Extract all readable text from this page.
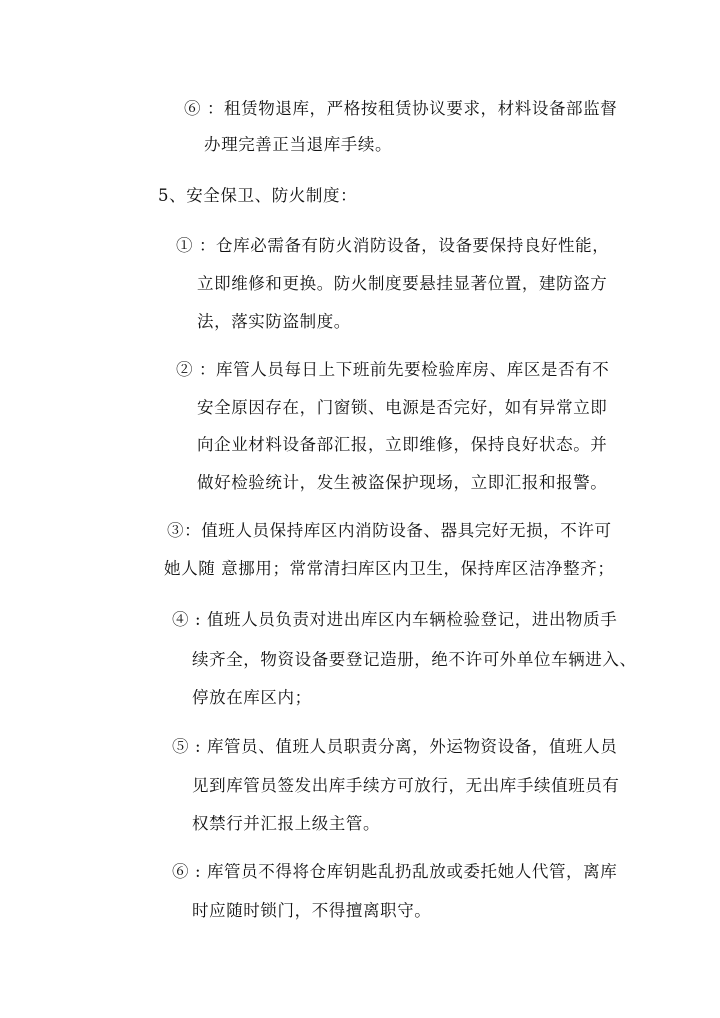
⑥ ：租赁物退库，严格按租赁协议要求，材料设备部监督
办理完善正当退库手续。
5、安全保卫、防火制度：
① ：仓库必需备有防火消防设备，设备要保持良好性能，
立即维修和更换。防火制度要悬挂显著位置，建防盗方
法，落实防盗制度。
② ：库管人员每日上下班前先要检验库房、库区是否有不
安全原因存在，门窗锁、电源是否完好，如有异常立即
向企业材料设备部汇报，立即维修，保持良好状态。并
做好检验统计，发生被盗保护现场，立即汇报和报警。
③：值班人员保持库区内消防设备、器具完好无损，不许可
她人随 意挪用；常常清扫库区内卫生，保持库区洁净整齐；
④ : 值班人员负责对进出库区内车辆检验登记，进出物质手
续齐全，物资设备要登记造册，绝不许可外单位车辆进入、
停放在库区内；
⑤ : 库管员、值班人员职责分离，外运物资设备，值班人员
见到库管员签发出库手续方可放行，无出库手续值班员有
权禁行并汇报上级主管。
⑥ : 库管员不得将仓库钥匙乱扔乱放或委托她人代管，离库
时应随时锁门，不得擅离职守。
